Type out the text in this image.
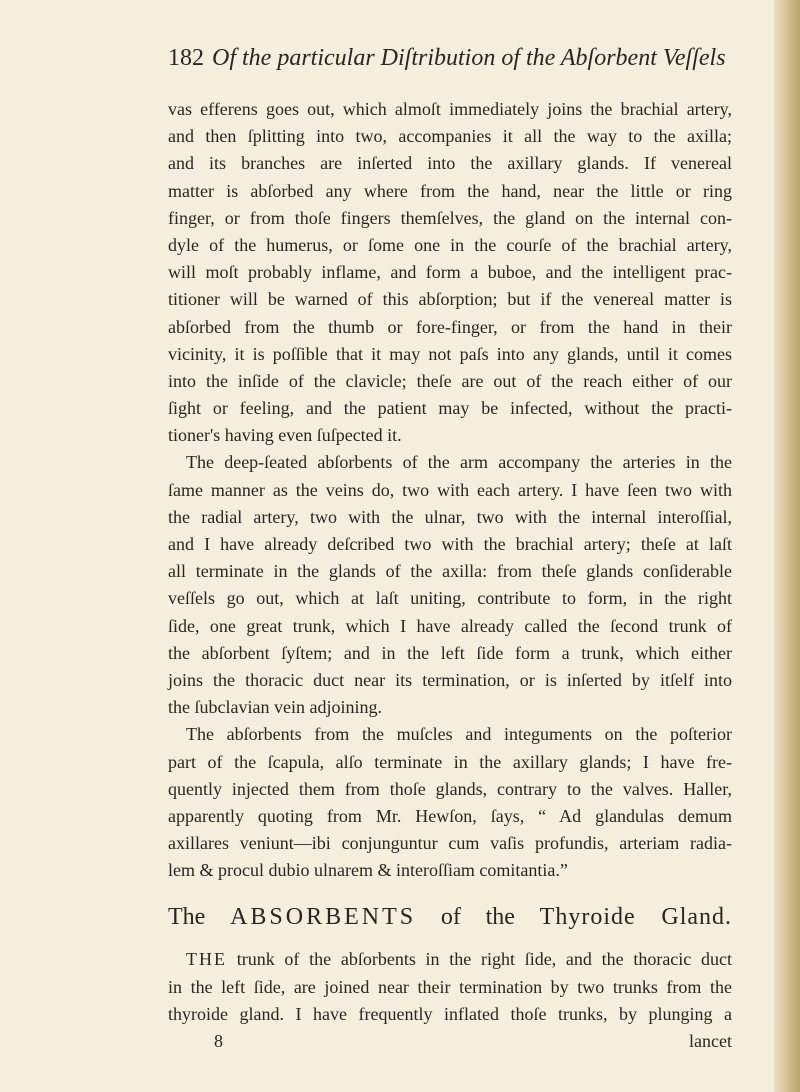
182 Of the particular Diſtribution of the Abſorbent Veſſels
vas efferens goes out, which almoſt immediately joins the brachial artery,
and then ſplitting into two, accompanies it all the way to the axilla;
and its branches are inſerted into the axillary glands. If venereal
matter is abſorbed any where from the hand, near the little or ring
finger, or from thoſe fingers themſelves, the gland on the internal con-
dyle of the humerus, or ſome one in the courſe of the brachial artery,
will moſt probably inflame, and form a buboe, and the intelligent prac-
titioner will be warned of this abſorption; but if the venereal matter is
abſorbed from the thumb or fore-finger, or from the hand in their
vicinity, it is poſſible that it may not paſs into any glands, until it comes
into the inſide of the clavicle; theſe are out of the reach either of our
ſight or feeling, and the patient may be infected, without the practi-
tioner's having even ſuſpected it.
The deep-ſeated abſorbents of the arm accompany the arteries in the
ſame manner as the veins do, two with each artery. I have ſeen two with
the radial artery, two with the ulnar, two with the internal interoſſial,
and I have already deſcribed two with the brachial artery; theſe at laſt
all terminate in the glands of the axilla: from theſe glands conſiderable
veſſels go out, which at laſt uniting, contribute to form, in the right
ſide, one great trunk, which I have already called the ſecond trunk of
the abſorbent ſyſtem; and in the left ſide form a trunk, which either
joins the thoracic duct near its termination, or is inſerted by itſelf into
the ſubclavian vein adjoining.
The abſorbents from the muſcles and integuments on the poſterior
part of the ſcapula, alſo terminate in the axillary glands; I have fre-
quently injected them from thoſe glands, contrary to the valves. Haller,
apparently quoting from Mr. Hewſon, ſays, “ Ad glandulas demum
axillares veniunt—ibi conjunguntur cum vaſis profundis, arteriam radia-
lem & procul dubio ulnarem & interoſſiam comitantia.”
The ABSORBENTS of the Thyroide Gland.
THE trunk of the abſorbents in the right ſide, and the thoracic duct
in the left ſide, are joined near their termination by two trunks from the
thyroide gland. I have frequently inflated thoſe trunks, by plunging a
8	lancet
